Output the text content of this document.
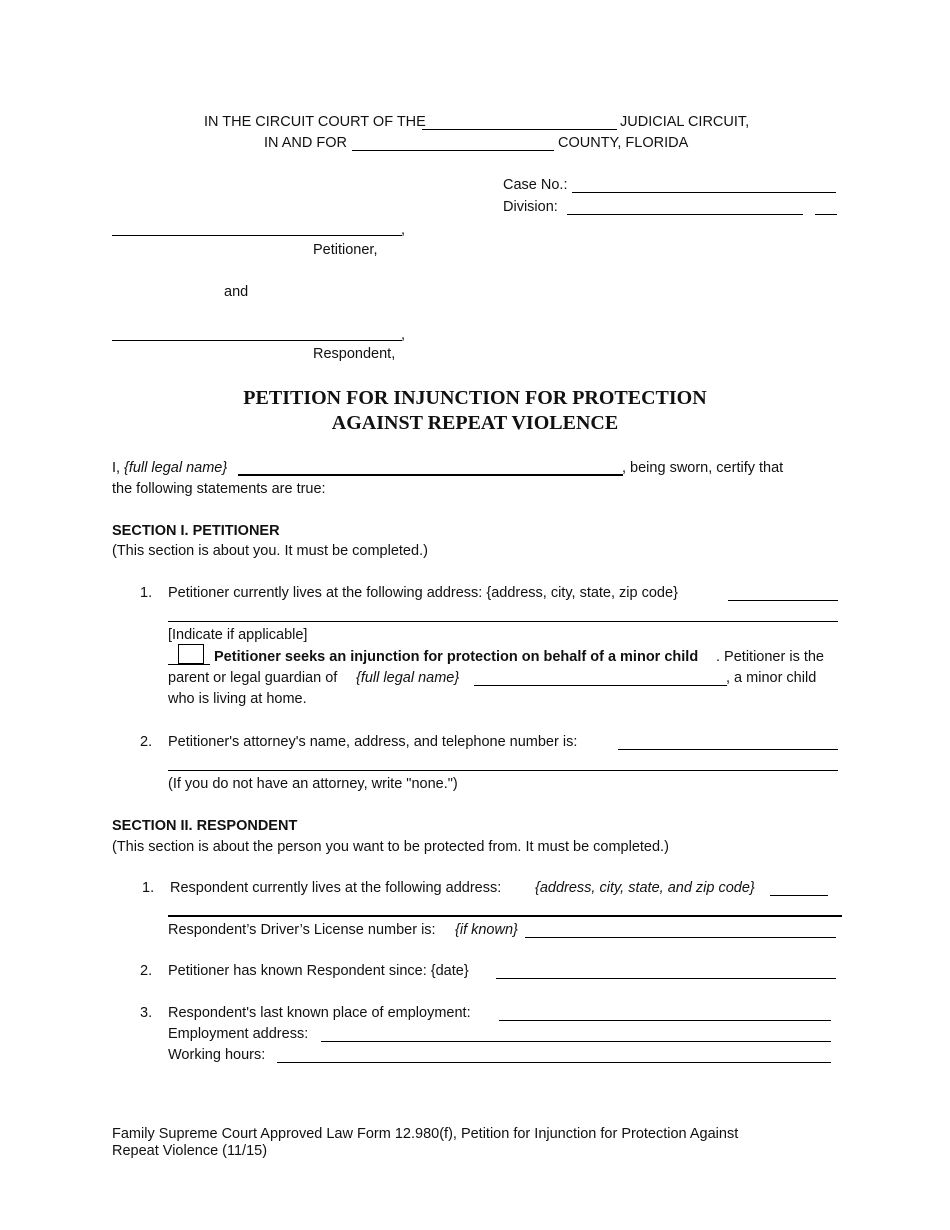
IN THE CIRCUIT COURT OF THE	JUDICIAL CIRCUIT,
IN AND FOR	COUNTY, FLORIDA
Case No.:
Division:
,
Petitioner,
and
,
Respondent,
PETITION FOR INJUNCTION FOR PROTECTION
AGAINST REPEAT VIOLENCE
I, {full legal name}	, being sworn, certify that
the following statements are true:
SECTION I. PETITIONER
(This section is about you. It must be completed.)
1. Petitioner currently lives at the following address: {address, city, state, zip code}
[Indicate if applicable]
Petitioner seeks an injunction for protection on behalf of a minor child . Petitioner is the
parent or legal guardian of {full legal name}	, a minor child
who is living at home.
2. Petitioner's attorney's name, address, and telephone number is:
(If you do not have an attorney, write "none.")
SECTION II. RESPONDENT
(This section is about the person you want to be protected from. It must be completed.)
1. Respondent currently lives at the following address: {address, city, state, and zip code}
Respondent’s Driver’s License number is: {if known}
2. Petitioner has known Respondent since: {date}
3. Respondent's last known place of employment:
Employment address:
Working hours:
Family Supreme Court Approved Law Form 12.980(f), Petition for Injunction for Protection Against
Repeat Violence (11/15)
